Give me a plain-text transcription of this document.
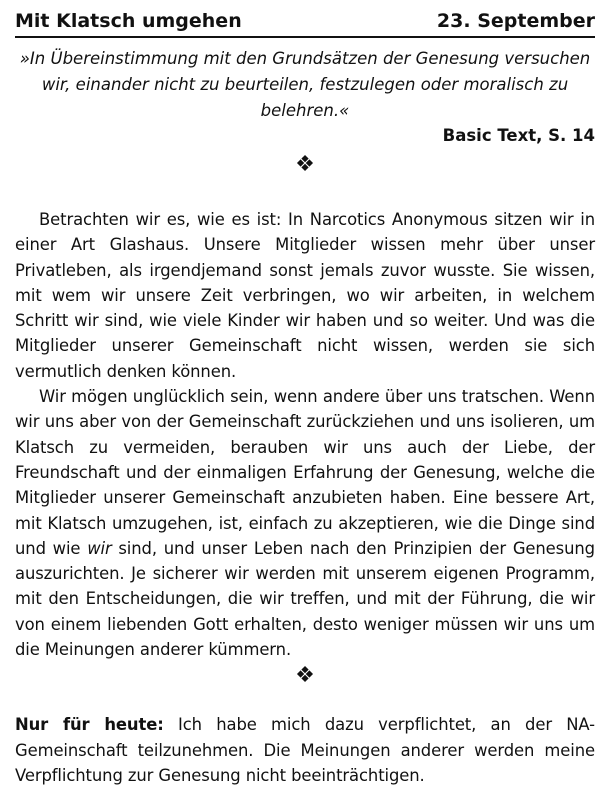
Mit Klatsch umgehen	23. September
»In Übereinstimmung mit den Grundsätzen der Genesung versuchen wir, einander nicht zu beurteilen, festzulegen oder moralisch zu belehren.«
Basic Text, S. 14
❖

Betrachten wir es, wie es ist: In Narcotics Anonymous sitzen wir in einer Art Glashaus. Unsere Mitglieder wissen mehr über unser Privatleben, als irgendjemand sonst jemals zuvor wusste. Sie wissen, mit wem wir unsere Zeit verbringen, wo wir arbeiten, in welchem Schritt wir sind, wie viele Kinder wir haben und so weiter. Und was die Mitglieder unserer Gemeinschaft nicht wissen, werden sie sich vermutlich denken können.

Wir mögen unglücklich sein, wenn andere über uns tratschen. Wenn wir uns aber von der Gemeinschaft zurückziehen und uns isolieren, um Klatsch zu vermeiden, berauben wir uns auch der Liebe, der Freundschaft und der einmaligen Erfahrung der Genesung, welche die Mitglieder unserer Gemeinschaft anzubieten haben. Eine bessere Art, mit Klatsch umzugehen, ist, einfach zu akzeptieren, wie die Dinge sind und wie wir sind, und unser Leben nach den Prinzipien der Genesung auszurichten. Je sicherer wir werden mit unserem eigenen Programm, mit den Entscheidungen, die wir treffen, und mit der Führung, die wir von einem liebenden Gott erhalten, desto weniger müssen wir uns um die Meinungen anderer kümmern.

❖
Nur für heute: Ich habe mich dazu verpflichtet, an der NA-Gemeinschaft teilzunehmen. Die Meinungen anderer werden meine Verpflichtung zur Genesung nicht beeinträchtigen.
